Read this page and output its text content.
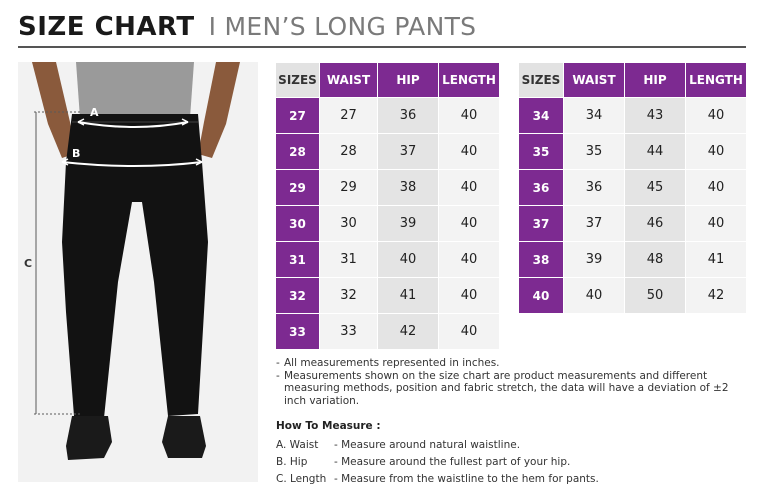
SIZE CHART I MEN’S LONG PANTS
A
B
C
SIZES	WAIST	HIP	LENGTH
27	27	36	40
28	28	37	40
29	29	38	40
30	30	39	40
31	31	40	40
32	32	41	40
33	33	42	40
SIZES	WAIST	HIP	LENGTH
34	34	43	40
35	35	44	40
36	36	45	40
37	37	46	40
38	39	48	41
40	40	50	42
- All measurements represented in inches.
- Measurements shown on the size chart are product measurements and different measuring methods, position and fabric stretch, the data will have a deviation of ±2 inch variation.
How To Measure :
A. Waist	- Measure around natural waistline.
B. Hip	- Measure around the fullest part of your hip.
C. Length - Measure from the waistline to the hem for pants.
